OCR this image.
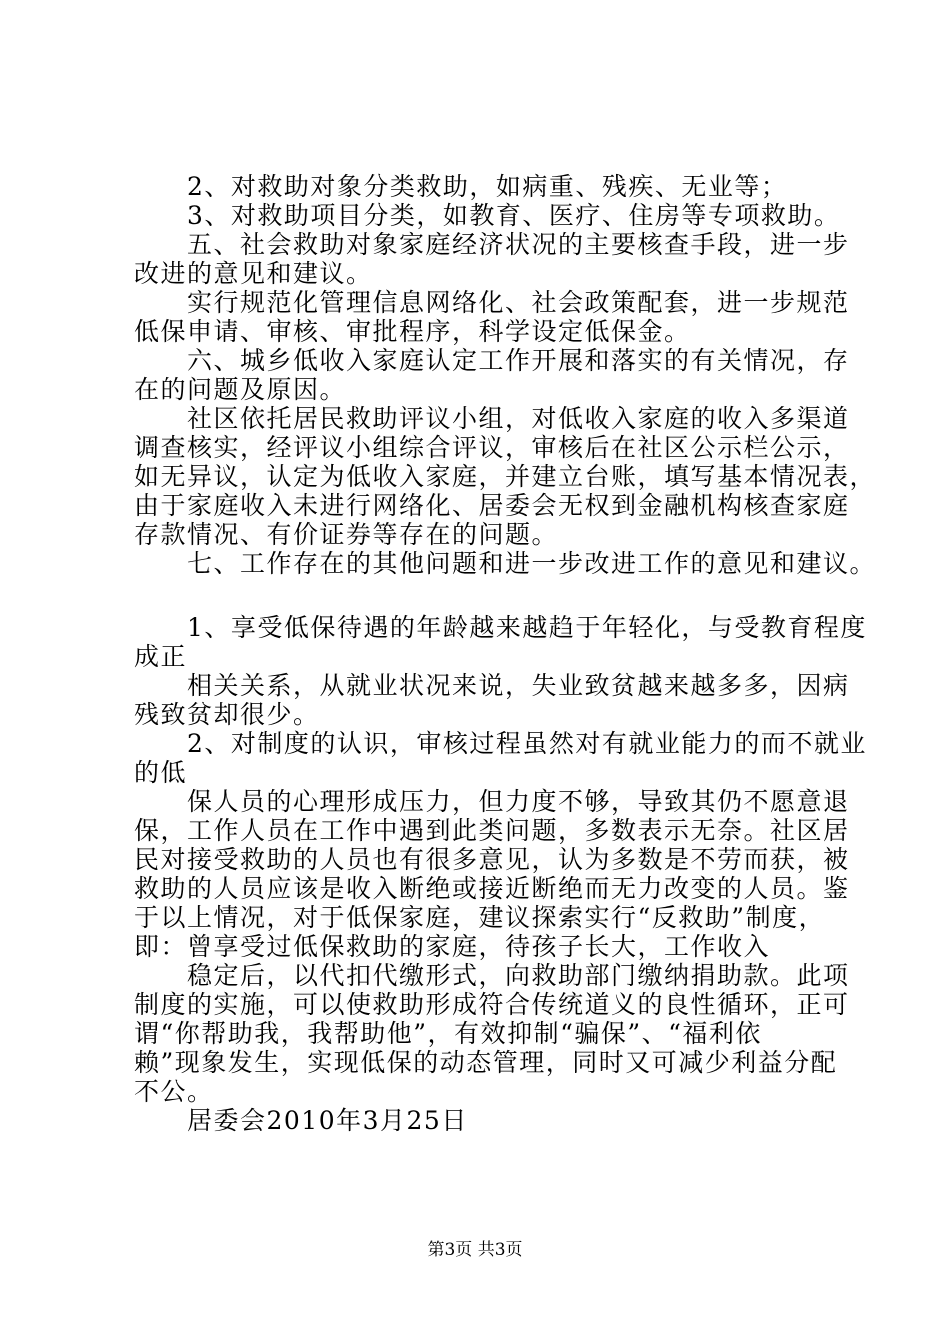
　　2、对救助对象分类救助，如病重、残疾、无业等；
　　3、对救助项目分类，如教育、医疗、住房等专项救助。
　　五、社会救助对象家庭经济状况的主要核查手段，进一步
改进的意见和建议。
　　实行规范化管理信息网络化、社会政策配套，进一步规范
低保申请、审核、审批程序，科学设定低保金。
　　六、城乡低收入家庭认定工作开展和落实的有关情况，存
在的问题及原因。
　　社区依托居民救助评议小组，对低收入家庭的收入多渠道
调查核实，经评议小组综合评议，审核后在社区公示栏公示，
如无异议，认定为低收入家庭，并建立台账，填写基本情况表，
由于家庭收入未进行网络化、居委会无权到金融机构核查家庭
存款情况、有价证券等存在的问题。
　　七、工作存在的其他问题和进一步改进工作的意见和建议。
　　1、享受低保待遇的年龄越来越趋于年轻化，与受教育程度
成正
　　相关关系，从就业状况来说，失业致贫越来越多多，因病
残致贫却很少。
　　2、对制度的认识，审核过程虽然对有就业能力的而不就业
的低
　　保人员的心理形成压力，但力度不够，导致其仍不愿意退
保，工作人员在工作中遇到此类问题，多数表示无奈。社区居
民对接受救助的人员也有很多意见，认为多数是不劳而获，被
救助的人员应该是收入断绝或接近断绝而无力改变的人员。鉴
于以上情况，对于低保家庭，建议探索实行“反救助”制度，
即：曾享受过低保救助的家庭，待孩子长大，工作收入
　　稳定后，以代扣代缴形式，向救助部门缴纳捐助款。此项
制度的实施，可以使救助形成符合传统道义的良性循环，正可
谓“你帮助我，我帮助他”，有效抑制“骗保”、“福利依
赖”现象发生，实现低保的动态管理，同时又可减少利益分配
不公。
　　居委会2010年3月25日
第3页 共3页
